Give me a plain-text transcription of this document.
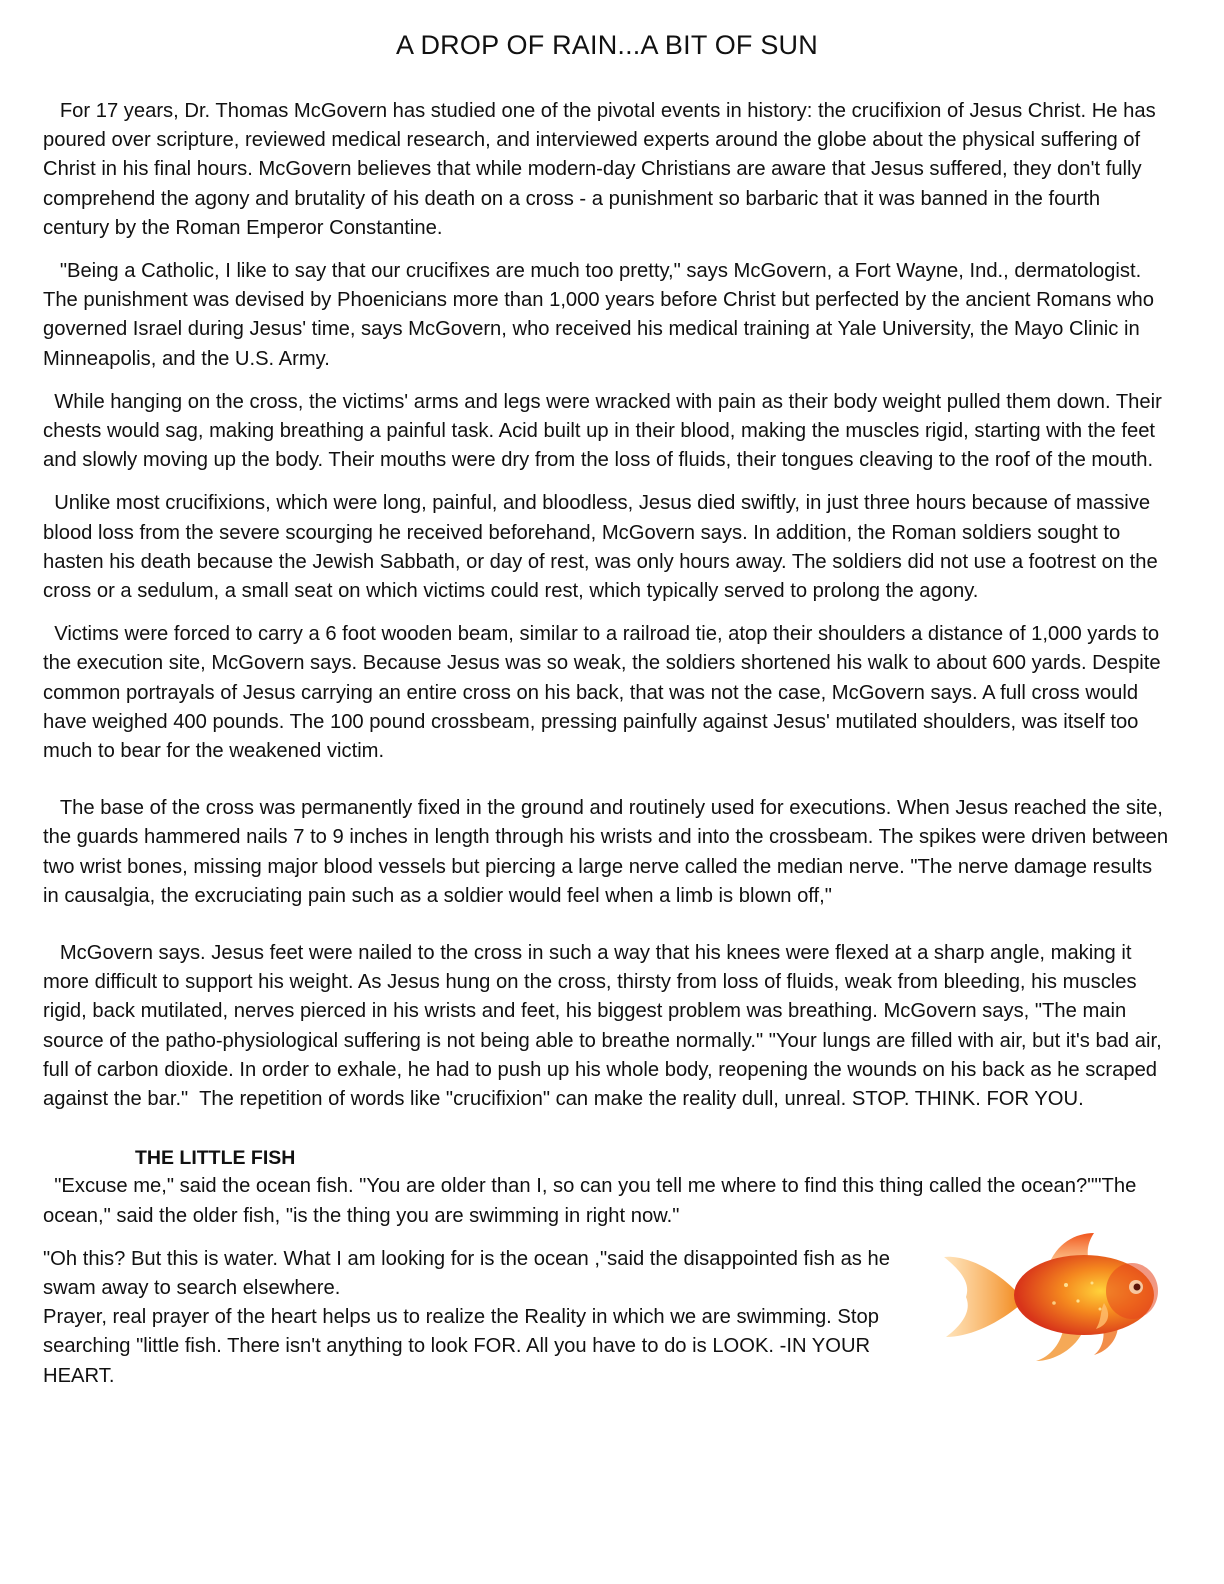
A DROP OF RAIN...A BIT OF SUN

For 17 years, Dr. Thomas McGovern has studied one of the pivotal events in history: the crucifixion of Jesus Christ. He has poured over scripture, reviewed medical research, and interviewed experts around the globe about the physical suffering of Christ in his final hours. McGovern believes that while modern-day Christians are aware that Jesus suffered, they don't fully comprehend the agony and brutality of his death on a cross - a punishment so barbaric that it was banned in the fourth century by the Roman Emperor Constantine.

"Being a Catholic, I like to say that our crucifixes are much too pretty," says McGovern, a Fort Wayne, Ind., dermatologist. The punishment was devised by Phoenicians more than 1,000 years before Christ but perfected by the ancient Romans who governed Israel during Jesus' time, says McGovern, who received his medical training at Yale University, the Mayo Clinic in Minneapolis, and the U.S. Army.

While hanging on the cross, the victims' arms and legs were wracked with pain as their body weight pulled them down. Their chests would sag, making breathing a painful task. Acid built up in their blood, making the muscles rigid, starting with the feet and slowly moving up the body. Their mouths were dry from the loss of fluids, their tongues cleaving to the roof of the mouth.

Unlike most crucifixions, which were long, painful, and bloodless, Jesus died swiftly, in just three hours because of massive blood loss from the severe scourging he received beforehand, McGovern says. In addition, the Roman soldiers sought to hasten his death because the Jewish Sabbath, or day of rest, was only hours away. The soldiers did not use a footrest on the cross or a sedulum, a small seat on which victims could rest, which typically served to prolong the agony.

Victims were forced to carry a 6 foot wooden beam, similar to a railroad tie, atop their shoulders a distance of 1,000 yards to the execution site, McGovern says. Because Jesus was so weak, the soldiers shortened his walk to about 600 yards. Despite common portrayals of Jesus carrying an entire cross on his back, that was not the case, McGovern says. A full cross would have weighed 400 pounds. The 100 pound crossbeam, pressing painfully against Jesus' mutilated shoulders, was itself too much to bear for the weakened victim.

The base of the cross was permanently fixed in the ground and routinely used for executions. When Jesus reached the site, the guards hammered nails 7 to 9 inches in length through his wrists and into the crossbeam. The spikes were driven between two wrist bones, missing major blood vessels but piercing a large nerve called the median nerve. "The nerve damage results in causalgia, the excruciating pain such as a soldier would feel when a limb is blown off,"

McGovern says. Jesus feet were nailed to the cross in such a way that his knees were flexed at a sharp angle, making it more difficult to support his weight. As Jesus hung on the cross, thirsty from loss of fluids, weak from bleeding, his muscles rigid, back mutilated, nerves pierced in his wrists and feet, his biggest problem was breathing. McGovern says, "The main source of the patho-physiological suffering is not being able to breathe normally." "Your lungs are filled with air, but it's bad air, full of carbon dioxide. In order to exhale, he had to push up his whole body, reopening the wounds on his back as he scraped against the bar."  The repetition of words like "crucifixion" can make the reality dull, unreal. STOP. THINK. FOR YOU.

THE LITTLE FISH

"Excuse me," said the ocean fish. "You are older than I, so can you tell me where to find this thing called the ocean?""The ocean," said the older fish, "is the thing you are swimming in right now."

"Oh this? But this is water. What I am looking for is the ocean ,"said the disappointed fish as he swam away to search elsewhere.
Prayer, real prayer of the heart helps us to realize the Reality in which we are swimming. Stop searching "little fish. There isn't anything to look FOR. All you have to do is LOOK. -IN YOUR HEART.
